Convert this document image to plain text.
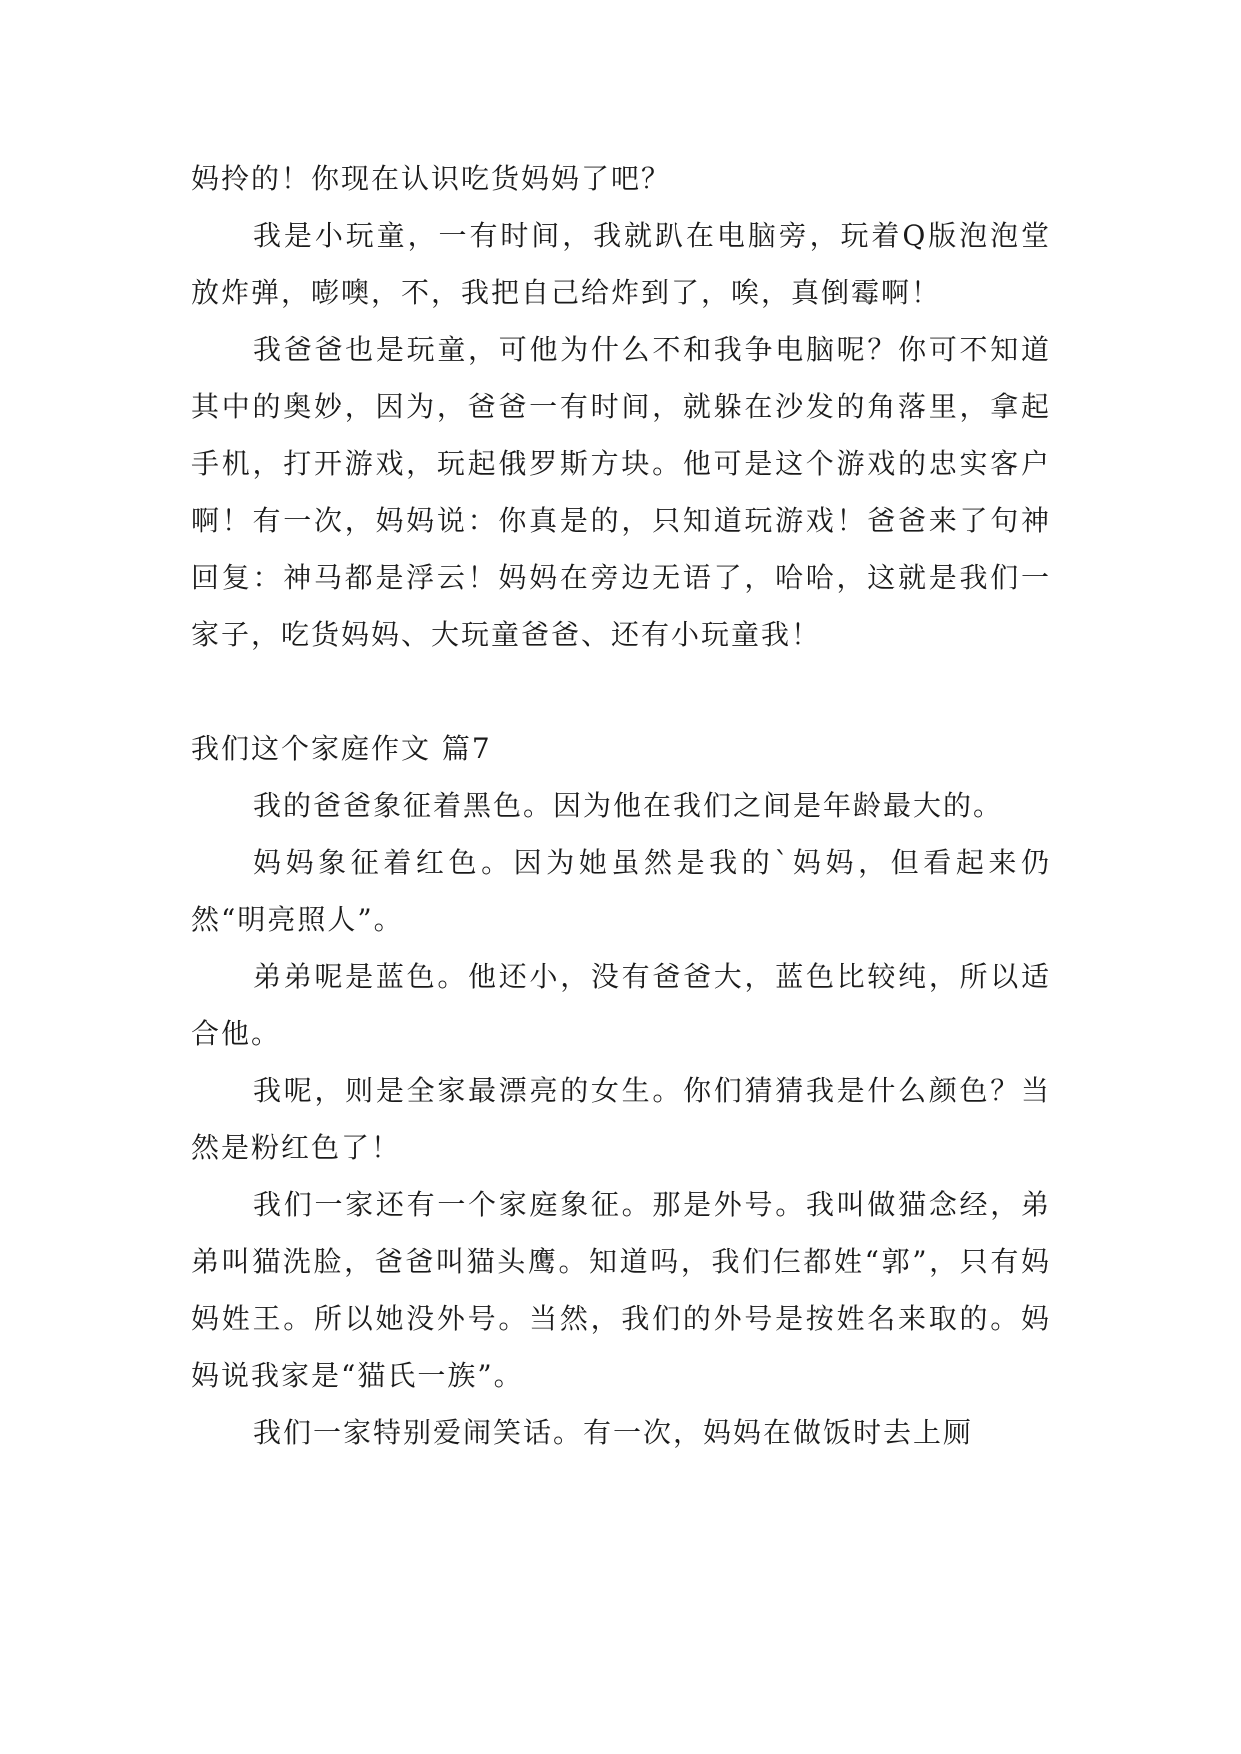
妈拎的！你现在认识吃货妈妈了吧？

我是小玩童，一有时间，我就趴在电脑旁，玩着Q版泡泡堂放炸弹，嘭噢，不，我把自己给炸到了，唉，真倒霉啊！

我爸爸也是玩童，可他为什么不和我争电脑呢？你可不知道其中的奥妙，因为，爸爸一有时间，就躲在沙发的角落里，拿起手机，打开游戏，玩起俄罗斯方块。他可是这个游戏的忠实客户啊！有一次，妈妈说：你真是的，只知道玩游戏！爸爸来了句神回复：神马都是浮云！妈妈在旁边无语了，哈哈，这就是我们一家子，吃货妈妈、大玩童爸爸、还有小玩童我！

我们这个家庭作文 篇7

我的爸爸象征着黑色。因为他在我们之间是年龄最大的。

妈妈象征着红色。因为她虽然是我的`妈妈，但看起来仍然“明亮照人”。

弟弟呢是蓝色。他还小，没有爸爸大，蓝色比较纯，所以适合他。

我呢，则是全家最漂亮的女生。你们猜猜我是什么颜色？当然是粉红色了！

我们一家还有一个家庭象征。那是外号。我叫做猫念经，弟弟叫猫洗脸，爸爸叫猫头鹰。知道吗，我们仨都姓“郭”，只有妈妈姓王。所以她没外号。当然，我们的外号是按姓名来取的。妈妈说我家是“猫氏一族”。

我们一家特别爱闹笑话。有一次，妈妈在做饭时去上厕
